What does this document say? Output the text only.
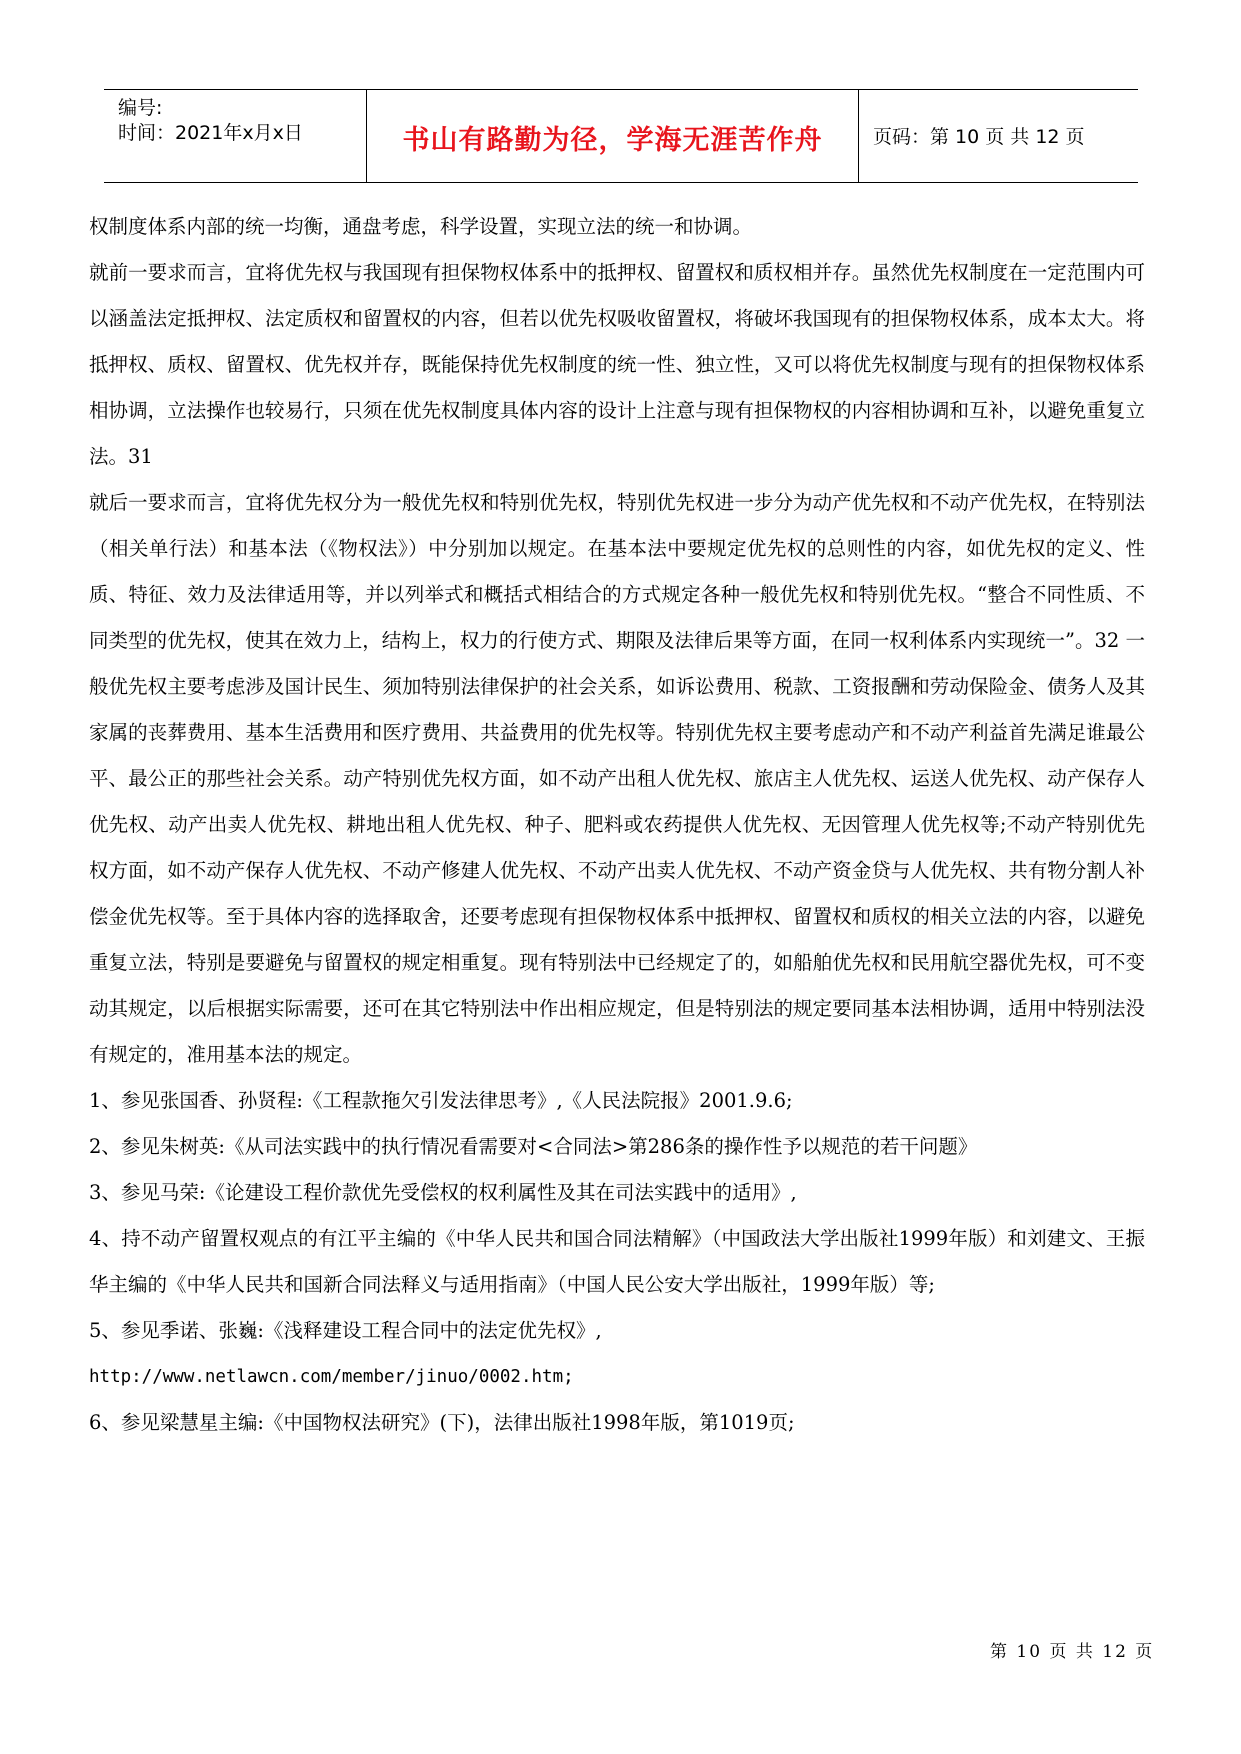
编号:
时间：2021年x月x日	书山有路勤为径，学海无涯苦作舟	页码：第 10 页 共 12 页

权制度体系内部的统一均衡，通盘考虑，科学设置，实现立法的统一和协调。

就前一要求而言，宜将优先权与我国现有担保物权体系中的抵押权、留置权和质权相并存。虽然优先权制度在一定范围内可以涵盖法定抵押权、法定质权和留置权的内容，但若以优先权吸收留置权，将破坏我国现有的担保物权体系，成本太大。将抵押权、质权、留置权、优先权并存，既能保持优先权制度的统一性、独立性，又可以将优先权制度与现有的担保物权体系相协调，立法操作也较易行，只须在优先权制度具体内容的设计上注意与现有担保物权的内容相协调和互补，以避免重复立法。31

就后一要求而言，宜将优先权分为一般优先权和特别优先权，特别优先权进一步分为动产优先权和不动产优先权，在特别法（相关单行法）和基本法（《物权法》）中分别加以规定。在基本法中要规定优先权的总则性的内容，如优先权的定义、性质、特征、效力及法律适用等，并以列举式和概括式相结合的方式规定各种一般优先权和特别优先权。“整合不同性质、不同类型的优先权，使其在效力上，结构上，权力的行使方式、期限及法律后果等方面，在同一权利体系内实现统一”。32 一般优先权主要考虑涉及国计民生、须加特别法律保护的社会关系，如诉讼费用、税款、工资报酬和劳动保险金、债务人及其家属的丧葬费用、基本生活费用和医疗费用、共益费用的优先权等。特别优先权主要考虑动产和不动产利益首先满足谁最公平、最公正的那些社会关系。动产特别优先权方面，如不动产出租人优先权、旅店主人优先权、运送人优先权、动产保存人优先权、动产出卖人优先权、耕地出租人优先权、种子、肥料或农药提供人优先权、无因管理人优先权等;不动产特别优先权方面，如不动产保存人优先权、不动产修建人优先权、不动产出卖人优先权、不动产资金贷与人优先权、共有物分割人补偿金优先权等。至于具体内容的选择取舍，还要考虑现有担保物权体系中抵押权、留置权和质权的相关立法的内容，以避免重复立法，特别是要避免与留置权的规定相重复。现有特别法中已经规定了的，如船舶优先权和民用航空器优先权，可不变动其规定，以后根据实际需要，还可在其它特别法中作出相应规定，但是特别法的规定要同基本法相协调，适用中特别法没有规定的，准用基本法的规定。

1、参见张国香、孙贤程:《工程款拖欠引发法律思考》,《人民法院报》2001.9.6;

2、参见朱树英:《从司法实践中的执行情况看需要对<合同法>第286条的操作性予以规范的若干问题》

3、参见马荣:《论建设工程价款优先受偿权的权利属性及其在司法实践中的适用》,

4、持不动产留置权观点的有江平主编的《中华人民共和国合同法精解》（中国政法大学出版社1999年版）和刘建文、王振华主编的《中华人民共和国新合同法释义与适用指南》（中国人民公安大学出版社，1999年版）等;

5、参见季诺、张巍:《浅释建设工程合同中的法定优先权》,

http://www.netlawcn.com/member/jinuo/0002.htm;

6、参见梁慧星主编:《中国物权法研究》(下)，法律出版社1998年版，第1019页;

第 10 页 共 12 页
